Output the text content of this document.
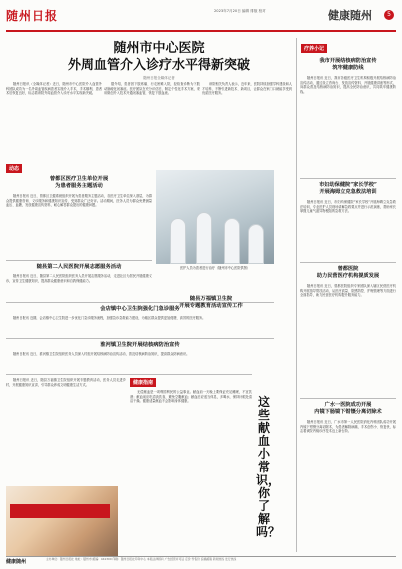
随州日报	2023年7月20日 编辑 排版 校对	健康随州	5
随州市中心医院
外周血管介入诊疗水平得新突破
随州日报全媒体记者

随州日报讯（全媒体记者）近日，随州市中心医院介入血管外科团队成功为一名外周血管疾病患者实施介入手术，手术顺利，患者术后恢复良好，标志着该院外周血管介入诊疗水平实现新突破。

据介绍，患者因下肢疼痛、行走困难入院，经检查诊断为下肢动脉硬化闭塞症。医疗团队在充分评估后，制定个性化手术方案，采用微创介入技术开通闭塞血管，恢复下肢血流。

该院相关负责人表示，近年来，医院持续加强学科建设和人才培养，不断引进新技术、新项目，让群众在家门口就能享受到优质医疗服务。

动态
曾都区医疗卫生单位开展
为患者服务主题活动

随州日报讯 近日，曾都区卫健系统组织开展为患者服务主题活动，各医疗卫生单位深入基层，为群众提供健康咨询、义诊服务和健康知识宣传，受到群众广泛好评。活动期间，医务人员为群众免费测量血压、血糖，发放健康宣传资料，耐心解答群众提出的健康问题。

医护人员为患者进行治疗（随州市中心医院供图）
随县第二人民医院开展志愿服务活动

随州日报讯 近日，随县第二人民医院组织医务人员开展志愿服务活动，走进社区为居民开展健康义诊，宣传卫生健康知识，提高群众健康意识和自我保健能力。

会店镇中心卫生院强化门急诊服务

随州日报讯 近期，会店镇中心卫生院进一步优化门急诊服务流程，加强急诊急救能力建设，为辖区群众提供更加便捷、高效的医疗服务。

淮河镇卫生院开展结核病防治宣传

随州日报讯 近日，淮河镇卫生院组织医务人员深入村组开展结核病防治宣传活动，普及结核病防治知识，提高群众防病意识。

随县万福镇卫生院
开展专题教育活动宣传工作

随州日报讯 近日，随县万福镇卫生院组织开展专题教育活动，医务人员走进乡村，开展健康知识宣讲，引导群众养成文明健康生活方式。	健康指南

无偿献血是一项利国利民的公益事业。献血前一天晚上要保证充足睡眠，不宜饮酒；献血前应吃清淡饮食，避免空腹献血；献血后应适当休息，多喝水，保持针眼处清洁干燥。健康适量献血不会影响身体健康。	这些献血小常识，你了解吗？
疗养小记
我市开展结核病防治宣传
筑牢健康防线

随州日报讯 近日，我市各级医疗卫生机构积极开展结核病防治宣传活动，通过设立咨询台、发放宣传资料、开展健康讲座等形式，向群众普及结核病防治知识，提高全民防治意识，共同筑牢健康防线。

市妇幼保健院“家长学校”
开展海姆立克急救法培训

随州日报讯 近日，市妇幼保健院“家长学校”开展海姆立克急救法培训，专业医护人员现场讲解急救要点并进行示范演练，帮助家长掌握儿童气道异物梗阻的急救方法。

曾都医院
助力民营医疗机构提质发展

随州日报讯 近日，曾都医院组织专家团队深入辖区民营医疗机构开展指导帮扶活动，从医疗质量、院感防控、护理管理等方面进行全面指导，助力民营医疗机构提升服务能力。

广水一医院成功开展
内镜下肠镜下钳镊分离切除术

随州日报讯 近日，广水市第一人民医院消化内科团队成功开展内镜下钳镊分离切除术，为患者解除病痛，手术创伤小、恢复快，标志着该院内镜诊疗技术迈上新台阶。

健康随州	主办单位：随州日报社 地址：随州市 邮编：441300 印刷：随州日报社印务中心 本报法律顾问 广告经营许可证 定价 零售价 投稿邮箱 新闻热线 发行热线
